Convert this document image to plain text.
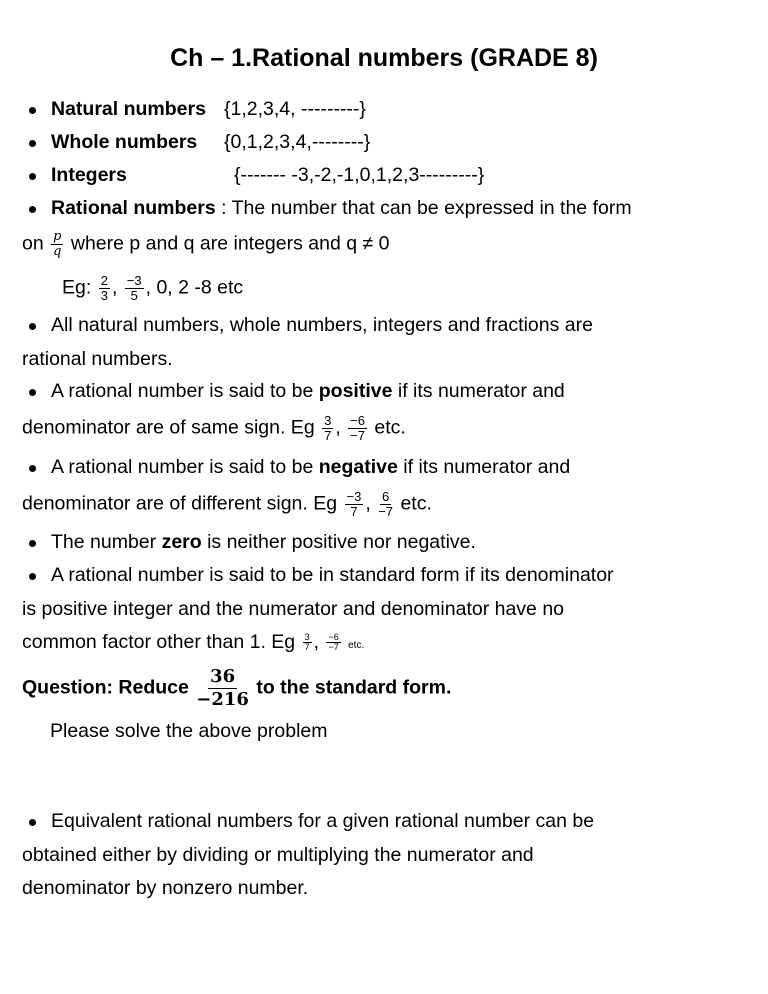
Ch – 1.Rational numbers (GRADE 8)
Natural numbers {1,2,3,4, ---------}
Whole numbers {0,1,2,3,4,--------}
Integers	{------- -3,-2,-1,0,1,2,3---------}
Rational numbers : The number that can be expressed in the form
on $\frac{p}{q}$ where p and q are integers and q ≠ 0
Eg: $\frac{2}{3}$ , $\frac{-3}{5}$ , 0, 2 -8 etc
All natural numbers, whole numbers, integers and fractions are
rational numbers.
A rational number is said to be positive if its numerator and
denominator are of same sign. Eg $\frac{3}{7}$ , $\frac{-6}{-7}$ etc.
A rational number is said to be negative if its numerator and
denominator are of different sign. Eg $\frac{-3}{7}$ , $\frac{6}{-7}$ etc.
The number zero is neither positive nor negative.
A rational number is said to be in standard form if its denominator
is positive integer and the numerator and denominator have no
common factor other than 1. Eg $\frac{3}{7}$ , $\frac{-6}{-7}$ etc.
Question: Reduce $\frac{36}{-216}$ to the standard form.
Please solve the above problem
Equivalent rational numbers for a given rational number can be
obtained either by dividing or multiplying the numerator and
denominator by nonzero number.
